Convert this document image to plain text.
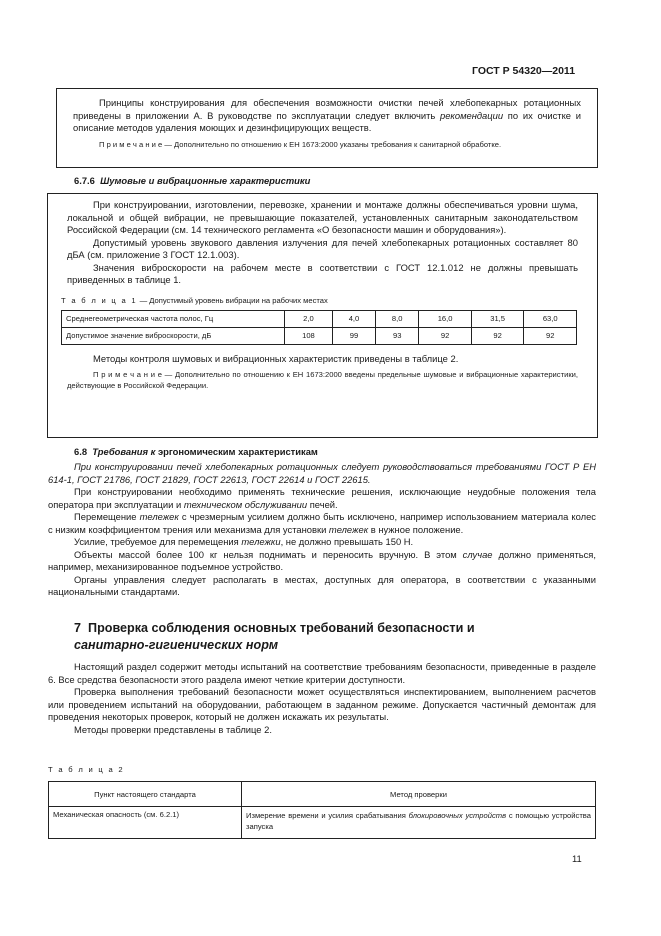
ГОСТ Р 54320—2011

Принципы конструирования для обеспечения возможности очистки печей хлебопекарных ротационных приведены в приложении А. В руководстве по эксплуатации следует включить рекомендации по их очистке и описание методов удаления моющих и дезинфицирующих веществ.

П р и м е ч а н и е — Дополнительно по отношению к ЕН 1673:2000 указаны требования к санитарной обработке.

6.7.6 Шумовые и вибрационные характеристики

При конструировании, изготовлении, перевозке, хранении и монтаже должны обеспечиваться уровни шума, локальной и общей вибрации, не превышающие показателей, установленных санитарным законодательством Российской Федерации (см. 14 технического регламента «О безопасности машин и оборудования»).

Допустимый уровень звукового давления излучения для печей хлебопекарных ротационных составляет 80 дБА (см. приложение 3 ГОСТ 12.1.003).

Значения виброскорости на рабочем месте в соответствии с ГОСТ 12.1.012 не должны превышать приведенных в таблице 1.

Т а б л и ц а 1 — Допустимый уровень вибрации на рабочих местах

Среднегеометрическая частота полос, Гц	2,0	4,0	8,0	16,0	31,5	63,0
Допустимое значение виброскорости, дБ	108	99	93	92	92	92

Методы контроля шумовых и вибрационных характеристик приведены в таблице 2.

П р и м е ч а н и е — Дополнительно по отношению к ЕН 1673:2000 введены предельные шумовые и вибрационные характеристики, действующие в Российской Федерации.

6.8 Требования к эргономическим характеристикам

При конструировании печей хлебопекарных ротационных следует руководствоваться требованиями ГОСТ Р ЕН 614-1, ГОСТ 21786, ГОСТ 21829, ГОСТ 22613, ГОСТ 22614 и ГОСТ 22615.

При конструировании необходимо применять технические решения, исключающие неудобные положения тела оператора при эксплуатации и техническом обслуживании печей.

Перемещение тележек с чрезмерным усилием должно быть исключено, например использованием материала колес с низким коэффициентом трения или механизма для установки тележек в нужное положение.

Усилие, требуемое для перемещения тележки, не должно превышать 150 Н.

Объекты массой более 100 кг нельзя поднимать и переносить вручную. В этом случае должно применяться, например, механизированное подъемное устройство.

Органы управления следует располагать в местах, доступных для оператора, в соответствии с указанными национальными стандартами.

7 Проверка соблюдения основных требований безопасности и
санитарно-гигиенических норм

Настоящий раздел содержит методы испытаний на соответствие требованиям безопасности, приведенные в разделе 6. Все средства безопасности этого раздела имеют четкие критерии доступности.

Проверка выполнения требований безопасности может осуществляться инспектированием, выполнением расчетов или проведением испытаний на оборудовании, работающем в заданном режиме. Допускается частичный демонтаж для проведения некоторых проверок, который не должен искажать их результаты.

Методы проверки представлены в таблице 2.

Т а б л и ц а 2
Пункт настоящего стандарта	Метод проверки
Механическая опасность (см. 6.2.1)	Измерение времени и усилия срабатывания блокировочных устройств с помощью устройства запуска
11
